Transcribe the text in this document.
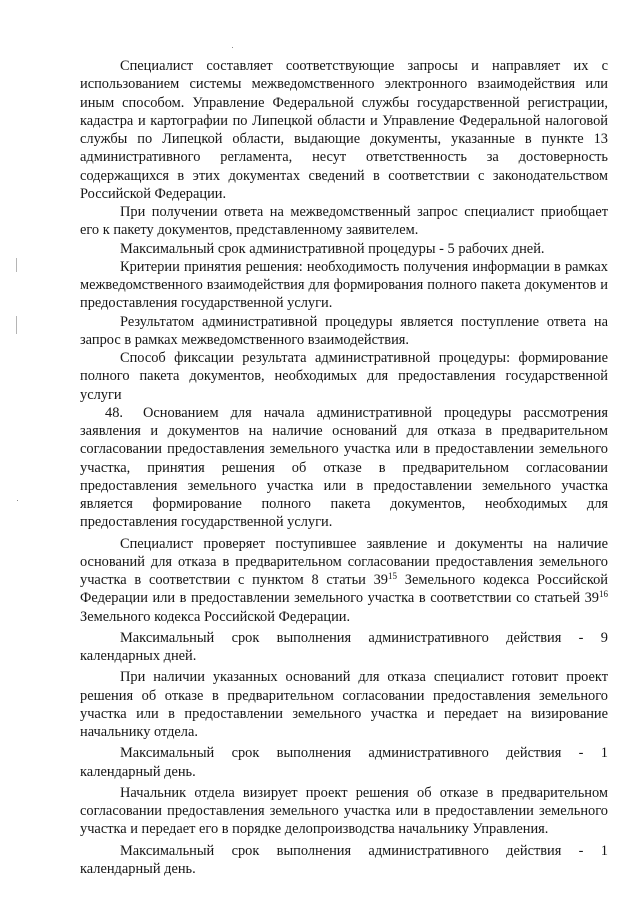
Специалист составляет соответствующие запросы и направляет их с использованием системы межведомственного электронного взаимодействия или иным способом. Управление Федеральной службы государственной регистрации, кадастра и картографии по Липецкой области и Управление Федеральной налоговой службы по Липецкой области, выдающие документы, указанные в пункте 13 административного регламента, несут ответственность за достоверность содержащихся в этих документах сведений в соответствии с законодательством Российской Федерации.

При получении ответа на межведомственный запрос специалист приобщает его к пакету документов, представленному заявителем.

Максимальный срок административной процедуры - 5 рабочих дней.

Критерии принятия решения: необходимость получения информации в рамках межведомственного взаимодействия для формирования полного пакета документов и предоставления государственной услуги.

Результатом административной процедуры является поступление ответа на запрос в рамках межведомственного взаимодействия.

Способ фиксации результата административной процедуры: формирование полного пакета документов, необходимых для предоставления государственной услуги

48. Основанием для начала административной процедуры рассмотрения заявления и документов на наличие оснований для отказа в предварительном согласовании предоставления земельного участка или в предоставлении земельного участка, принятия решения об отказе в предварительном согласовании предоставления земельного участка или в предоставлении земельного участка является формирование полного пакета документов, необходимых для предоставления государственной услуги.

Специалист проверяет поступившее заявление и документы на наличие оснований для отказа в предварительном согласовании предоставления земельного участка в соответствии с пунктом 8 статьи $39^{15}$ Земельного кодекса Российской Федерации или в предоставлении земельного участка в соответствии со статьей $39^{16}$ Земельного кодекса Российской Федерации.

Максимальный срок выполнения административного действия - 9 календарных дней.

При наличии указанных оснований для отказа специалист готовит проект решения об отказе в предварительном согласовании предоставления земельного участка или в предоставлении земельного участка и передает на визирование начальнику отдела.

Максимальный срок выполнения административного действия - 1 календарный день.

Начальник отдела визирует проект решения об отказе в предварительном согласовании предоставления земельного участка или в предоставлении земельного участка и передает его в порядке делопроизводства начальнику Управления.

Максимальный срок выполнения административного действия - 1 календарный день.
